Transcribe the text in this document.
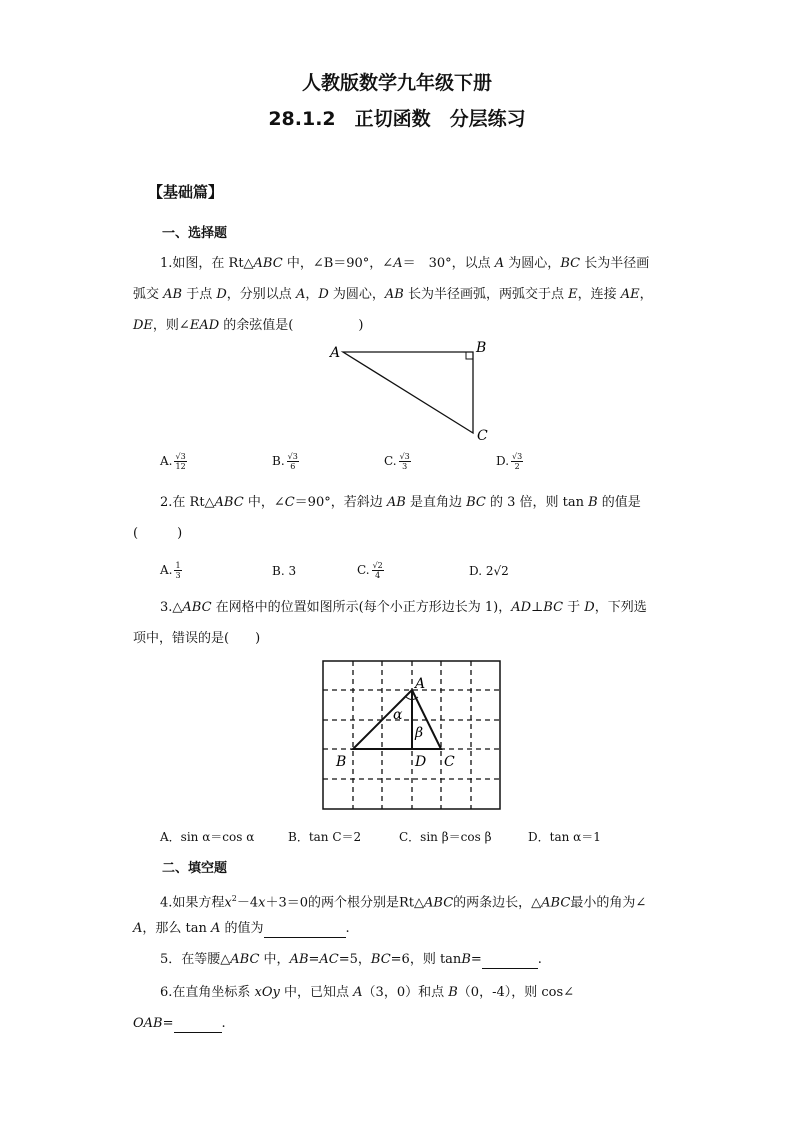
人教版数学九年级下册
28.1.2　正切函数　分层练习
【基础篇】
一、选择题
1.如图，在 Rt△ABC 中，∠B＝90°，∠A＝　30°，以点 A 为圆心，BC 长为半径画
弧交 AB 于点 D，分别以点 A，D 为圆心，AB 长为半径画弧，两弧交于点 E，连接 AE，
DE，则∠EAD 的余弦值是(　　　　　)
A	B
C
A. $\frac{√3}{12}$	B. $\frac{√3}{6}$	C. $\frac{√3}{3}$	D. $\frac{√3}{2}$
2.在 Rt△ABC 中，∠C＝90°，若斜边 AB 是直角边 BC 的 3 倍，则 tan B 的值是
(　　　)
A. $\frac{1}{3}$	B. 3	C. $\frac{√2}{4}$	D. 2√2
3.△ABC 在网格中的位置如图所示(每个小正方形边长为 1)，AD⊥BC 于 D，下列选
项中，错误的是(　　)
A
B	C
D
α
β
A．sin α＝cos α	B．tan C＝2	C．sin β＝cos β	D．tan α＝1
二、填空题
4.如果方程$x^2-4x+3=0$的两个根分别是Rt△ABC的两条边长，△ABC最小的角为∠
A，那么 tan A 的值为	.
5．在等腰△ABC 中，AB=AC=5，BC=6，则 tanB=	.
6.在直角坐标系 xOy 中，已知点 A（3，0）和点 B（0，-4），则 cos∠
OAB=	.
